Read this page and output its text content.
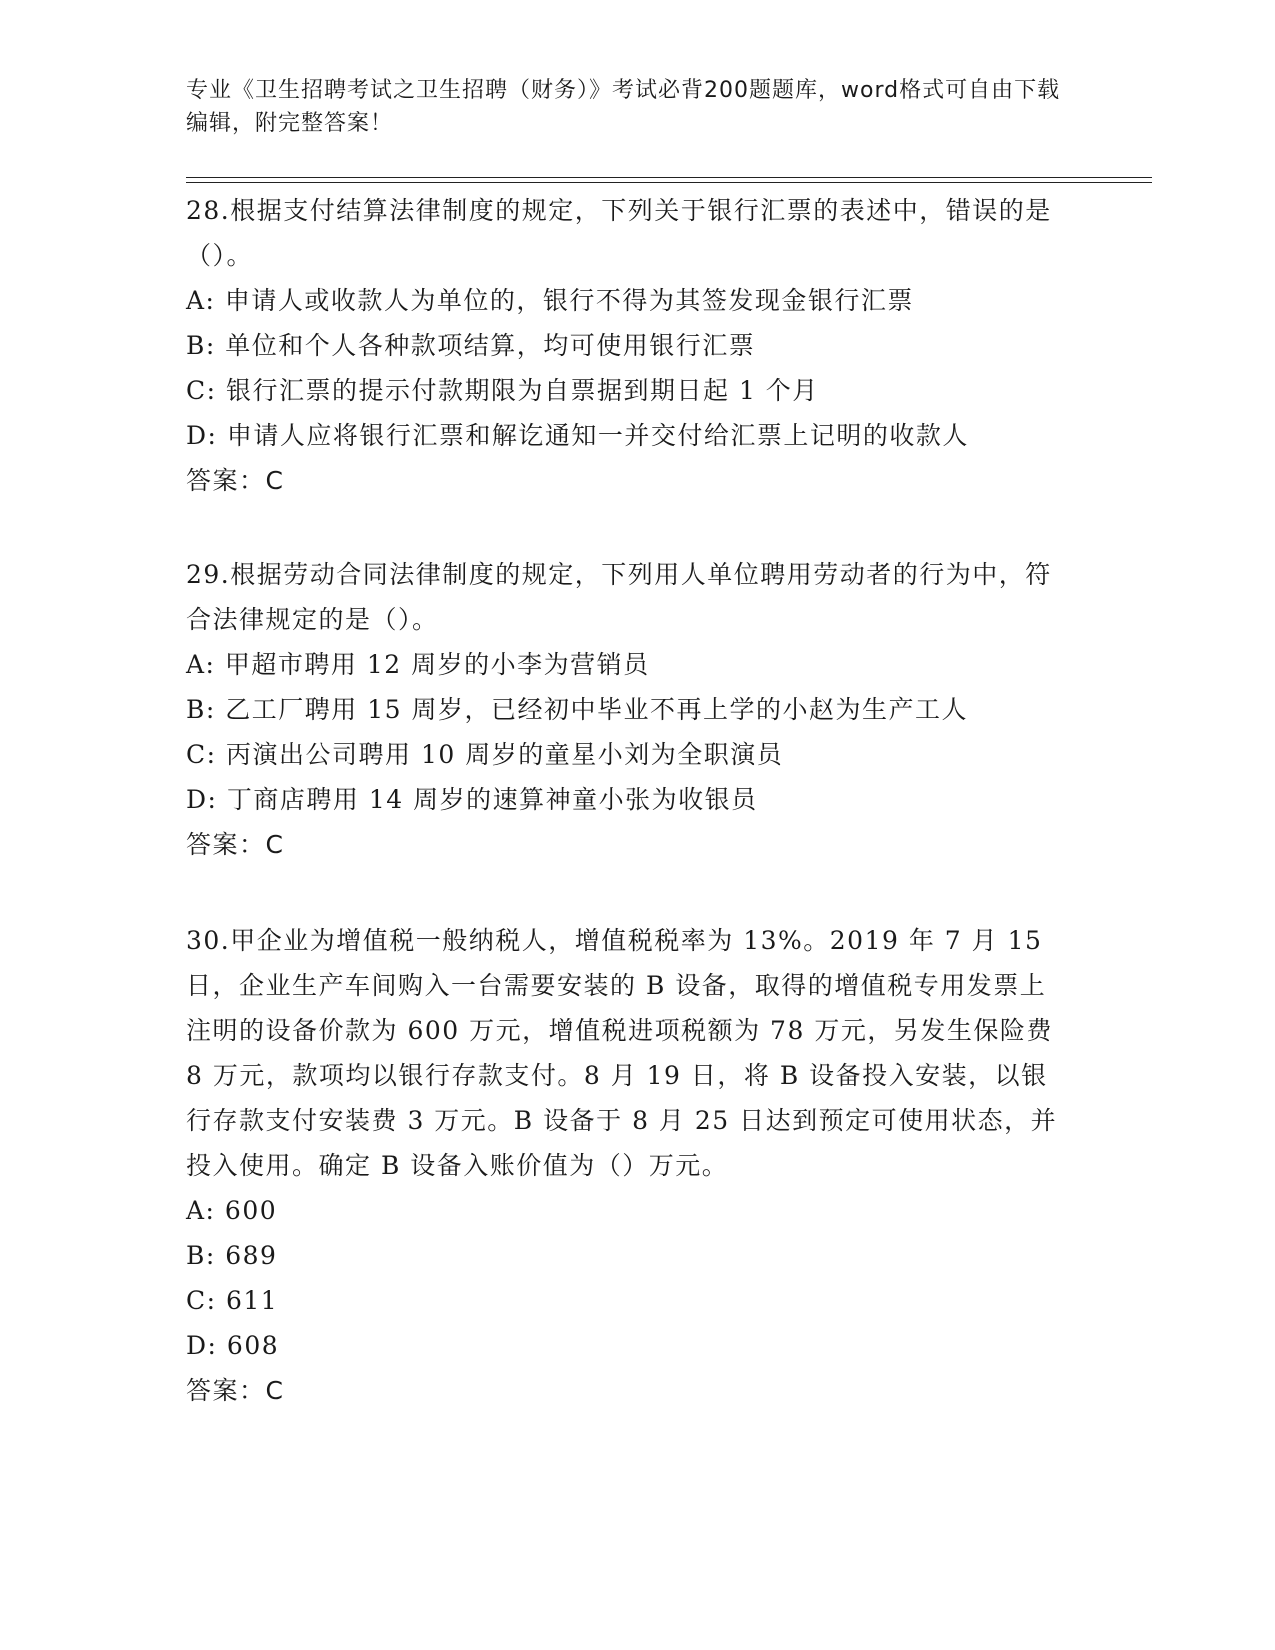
专业《卫生招聘考试之卫生招聘（财务）》考试必背200题题库，word格式可自由下载编辑，附完整答案！

28.根据支付结算法律制度的规定，下列关于银行汇票的表述中，错误的是（）。

A: 申请人或收款人为单位的，银行不得为其签发现金银行汇票

B: 单位和个人各种款项结算，均可使用银行汇票

C: 银行汇票的提示付款期限为自票据到期日起 1 个月

D: 申请人应将银行汇票和解讫通知一并交付给汇票上记明的收款人

答案：C

29.根据劳动合同法律制度的规定，下列用人单位聘用劳动者的行为中，符合法律规定的是（）。

A: 甲超市聘用 12 周岁的小李为营销员

B: 乙工厂聘用 15 周岁，已经初中毕业不再上学的小赵为生产工人

C: 丙演出公司聘用 10 周岁的童星小刘为全职演员

D: 丁商店聘用 14 周岁的速算神童小张为收银员

答案：C

30.甲企业为增值税一般纳税人，增值税税率为 13%。2019 年 7 月 15 日，企业生产车间购入一台需要安装的 B 设备，取得的增值税专用发票上注明的设备价款为 600 万元，增值税进项税额为 78 万元，另发生保险费 8 万元，款项均以银行存款支付。8 月 19 日，将 B 设备投入安装，以银行存款支付安装费 3 万元。B 设备于 8 月 25 日达到预定可使用状态，并投入使用。确定 B 设备入账价值为（）万元。

A: 600

B: 689

C: 611

D: 608

答案：C
